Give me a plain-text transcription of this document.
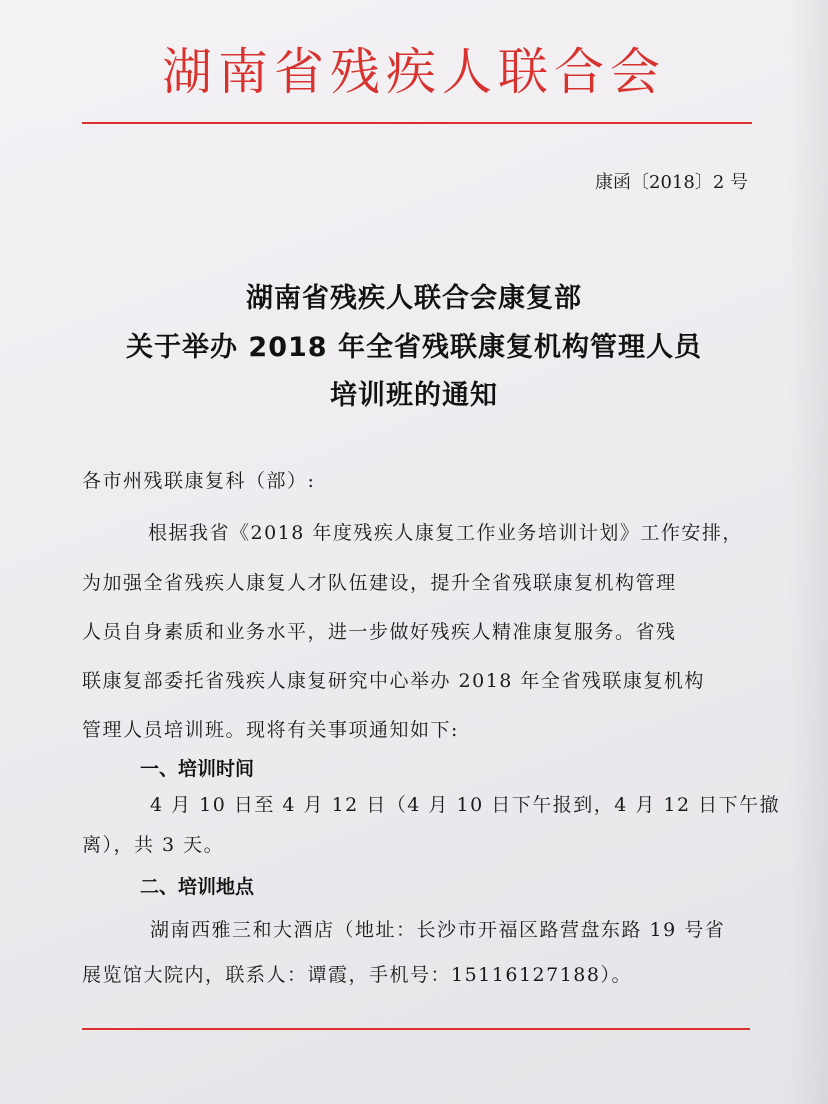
湖南省残疾人联合会
康函〔2018〕2 号
湖南省残疾人联合会康复部
关于举办 2018 年全省残联康复机构管理人员
培训班的通知
各市州残联康复科（部）:
根据我省《2018 年度残疾人康复工作业务培训计划》工作安排，
为加强全省残疾人康复人才队伍建设，提升全省残联康复机构管理
人员自身素质和业务水平，进一步做好残疾人精准康复服务。省残
联康复部委托省残疾人康复研究中心举办 2018 年全省残联康复机构
管理人员培训班。现将有关事项通知如下:
一、培训时间
4 月 10 日至 4 月 12 日（4 月 10 日下午报到，4 月 12 日下午撤
离），共 3 天。
二、培训地点
湖南西雅三和大酒店（地址：长沙市开福区路营盘东路 19 号省
展览馆大院内，联系人：谭霞，手机号：15116127188）。
